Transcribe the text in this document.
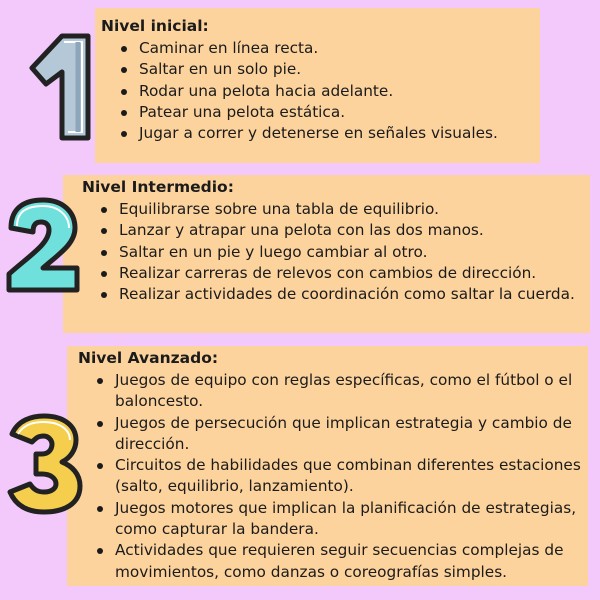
Nivel inicial:
Caminar en línea recta.
Saltar en un solo pie.
Rodar una pelota hacia adelante.
Patear una pelota estática.
Jugar a correr y detenerse en señales visuales.
Nivel Intermedio:
Equilibrarse sobre una tabla de equilibrio.
Lanzar y atrapar una pelota con las dos manos.
Saltar en un pie y luego cambiar al otro.
Realizar carreras de relevos con cambios de dirección.
Realizar actividades de coordinación como saltar la cuerda.
Nivel Avanzado:
Juegos de equipo con reglas específicas, como el fútbol o el baloncesto.
Juegos de persecución que implican estrategia y cambio de dirección.
Circuitos de habilidades que combinan diferentes estaciones (salto, equilibrio, lanzamiento).
Juegos motores que implican la planificación de estrategias, como capturar la bandera.
Actividades que requieren seguir secuencias complejas de movimientos, como danzas o coreografías simples.
